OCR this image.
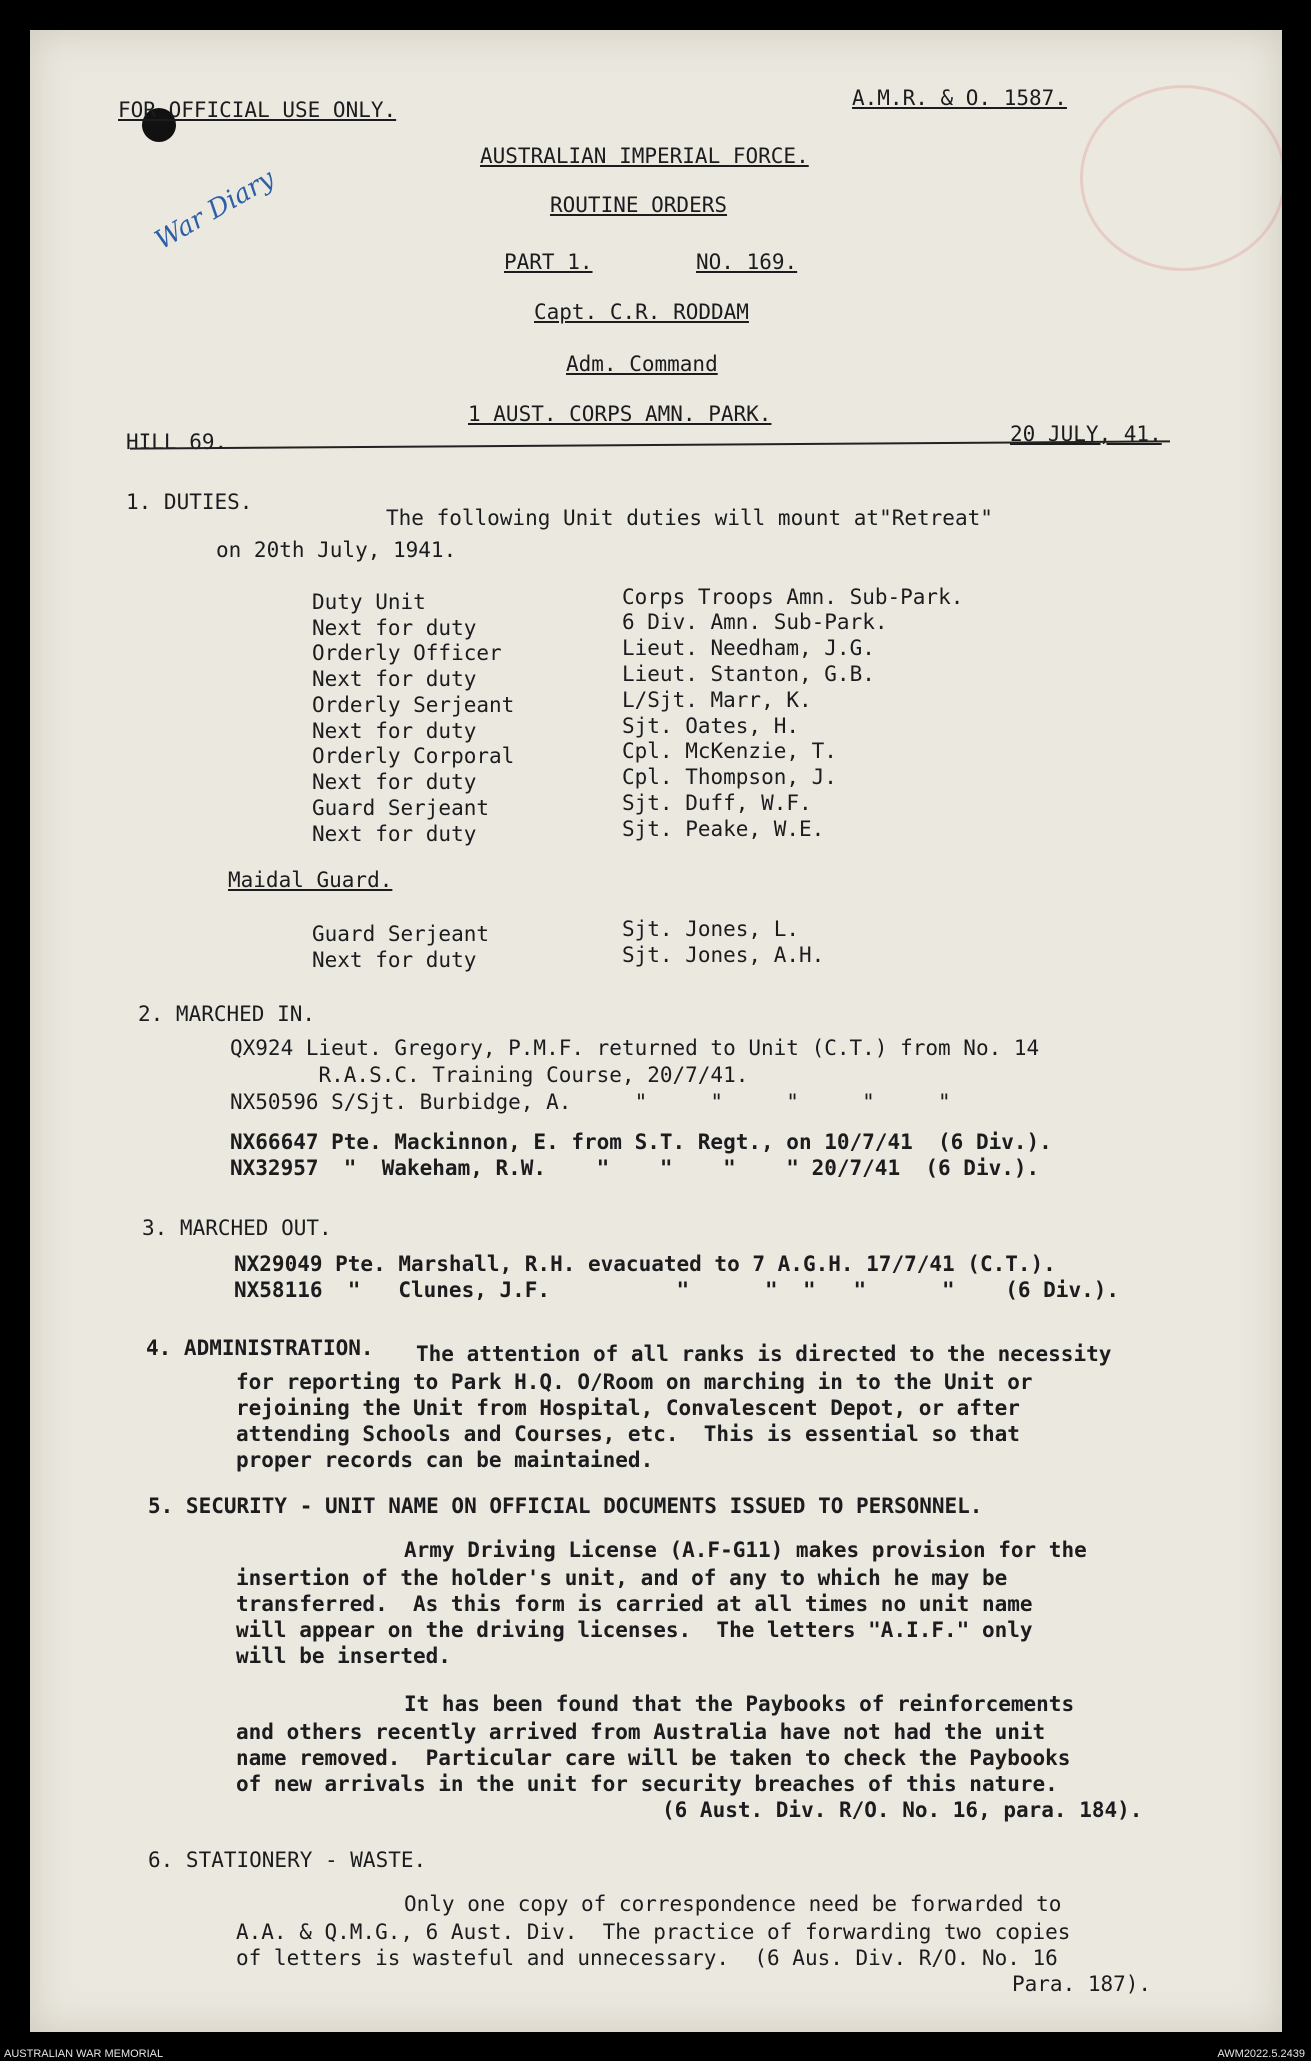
War Diary
FOR OFFICIAL USE ONLY.	A.M.R. & O. 1587.
AUSTRALIAN IMPERIAL FORCE.
ROUTINE ORDERS
PART 1.	NO. 169.
Capt. C.R. RODDAM
Adm. Command
1 AUST. CORPS AMN. PARK.
HILL 69.	20 JULY, 41.
1. DUTIES.
The following Unit duties will mount at"Retreat"
on 20th July, 1941.
Duty Unit	Corps Troops Amn. Sub-Park.
Next for duty	6 Div. Amn. Sub-Park.
Orderly Officer	Lieut. Needham, J.G.
Next for duty	Lieut. Stanton, G.B.
Orderly Serjeant	L/Sjt. Marr, K.
Next for duty	Sjt. Oates, H.
Orderly Corporal	Cpl. McKenzie, T.
Next for duty	Cpl. Thompson, J.
Guard Serjeant	Sjt. Duff, W.F.
Next for duty	Sjt. Peake, W.E.
Maidal Guard.
Guard Serjeant	Sjt. Jones, L.
Next for duty	Sjt. Jones, A.H.
2. MARCHED IN.
QX924 Lieut. Gregory, P.M.F. returned to Unit (C.T.) from No. 14
R.A.S.C. Training Course, 20/7/41.
NX50596 S/Sjt. Burbidge, A.     "     "     "     "     "
NX66647 Pte. Mackinnon, E. from S.T. Regt., on 10/7/41  (6 Div.).
NX32957  "  Wakeham, R.W.    "    "    "    " 20/7/41  (6 Div.).
3. MARCHED OUT.
NX29049 Pte. Marshall, R.H. evacuated to 7 A.G.H. 17/7/41 (C.T.).
NX58116  "   Clunes, J.F.          "      "  "   "      "    (6 Div.).
4. ADMINISTRATION. The attention of all ranks is directed to the necessity
for reporting to Park H.Q. O/Room on marching in to the Unit or
rejoining the Unit from Hospital, Convalescent Depot, or after
attending Schools and Courses, etc.  This is essential so that
proper records can be maintained.
5. SECURITY - UNIT NAME ON OFFICIAL DOCUMENTS ISSUED TO PERSONNEL.
Army Driving License (A.F-G11) makes provision for the
insertion of the holder's unit, and of any to which he may be
transferred.  As this form is carried at all times no unit name
will appear on the driving licenses.  The letters "A.I.F." only
will be inserted.
It has been found that the Paybooks of reinforcements
and others recently arrived from Australia have not had the unit
name removed.  Particular care will be taken to check the Paybooks
of new arrivals in the unit for security breaches of this nature.
(6 Aust. Div. R/O. No. 16, para. 184).
6. STATIONERY - WASTE.
Only one copy of correspondence need be forwarded to
A.A. & Q.M.G., 6 Aust. Div.  The practice of forwarding two copies
of letters is wasteful and unnecessary.  (6 Aus. Div. R/O. No. 16
Para. 187).
AUSTRALIAN WAR MEMORIAL	AWM2022.5.2439
